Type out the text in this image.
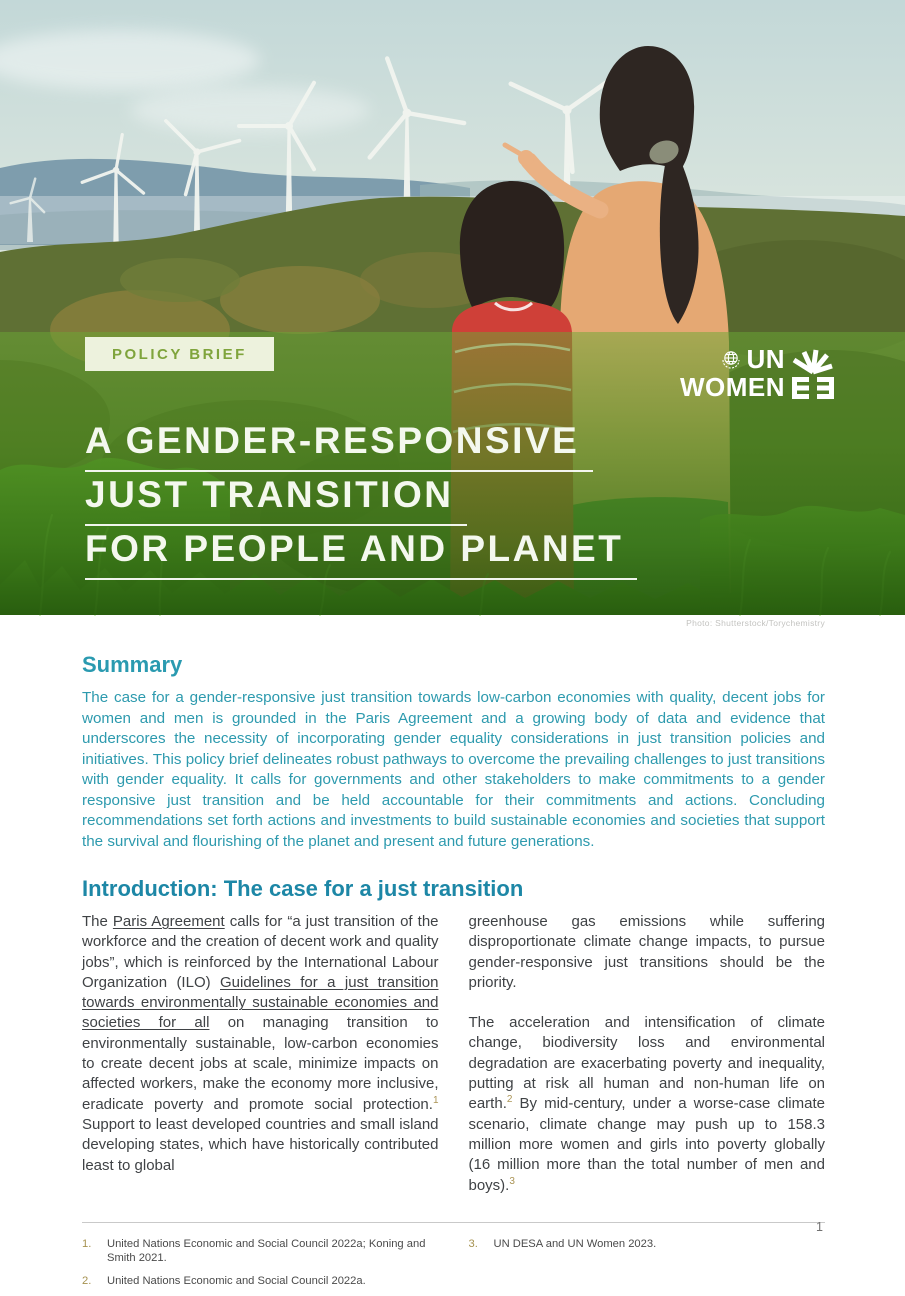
POLICY BRIEF	UN
WOMEN
A GENDER-RESPONSIVE
JUST TRANSITION
FOR PEOPLE AND PLANET
Photo: Shutterstock/Torychemistry
Summary

The case for a gender-responsive just transition towards low-carbon economies with quality, decent jobs for women and men is grounded in the Paris Agreement and a growing body of data and evidence that underscores the necessity of incorporating gender equality considerations in just transition policies and initiatives. This policy brief delineates robust pathways to overcome the prevailing challenges to just transitions with gender equality. It calls for governments and other stakeholders to make commitments to a gender responsive just transition and be held accountable for their commitments and actions. Concluding recommendations set forth actions and investments to build sustainable economies and societies that support the survival and flourishing of the planet and present and future generations.

Introduction: The case for a just transition

The Paris Agreement calls for “a just transition of the workforce and the creation of decent work and quality jobs”, which is reinforced by the International Labour Organization (ILO) Guidelines for a just transition towards environmentally sustainable economies and societies for all on managing transition to environmentally sustainable, low-carbon economies to create decent jobs at scale, minimize impacts on affected workers, make the economy more inclusive, eradicate poverty and promote social protection.$^1$ Support to least developed countries and small island developing states, which have historically contributed least to global

greenhouse gas emissions while suffering disproportionate climate change impacts, to pursue gender-responsive just transitions should be the priority.

The acceleration and intensification of climate change, biodiversity loss and environmental degradation are exacerbating poverty and inequality, putting at risk all human and non-human life on earth.$^2$ By mid-century, under a worse-case climate scenario, climate change may push up to 158.3 million more women and girls into poverty globally (16 million more than the total number of men and boys).$^3$

1.	United Nations Economic and Social Council 2022a; Koning and Smith 2021.
2.	United Nations Economic and Social Council 2022a.
3.	UN DESA and UN Women 2023.
1
